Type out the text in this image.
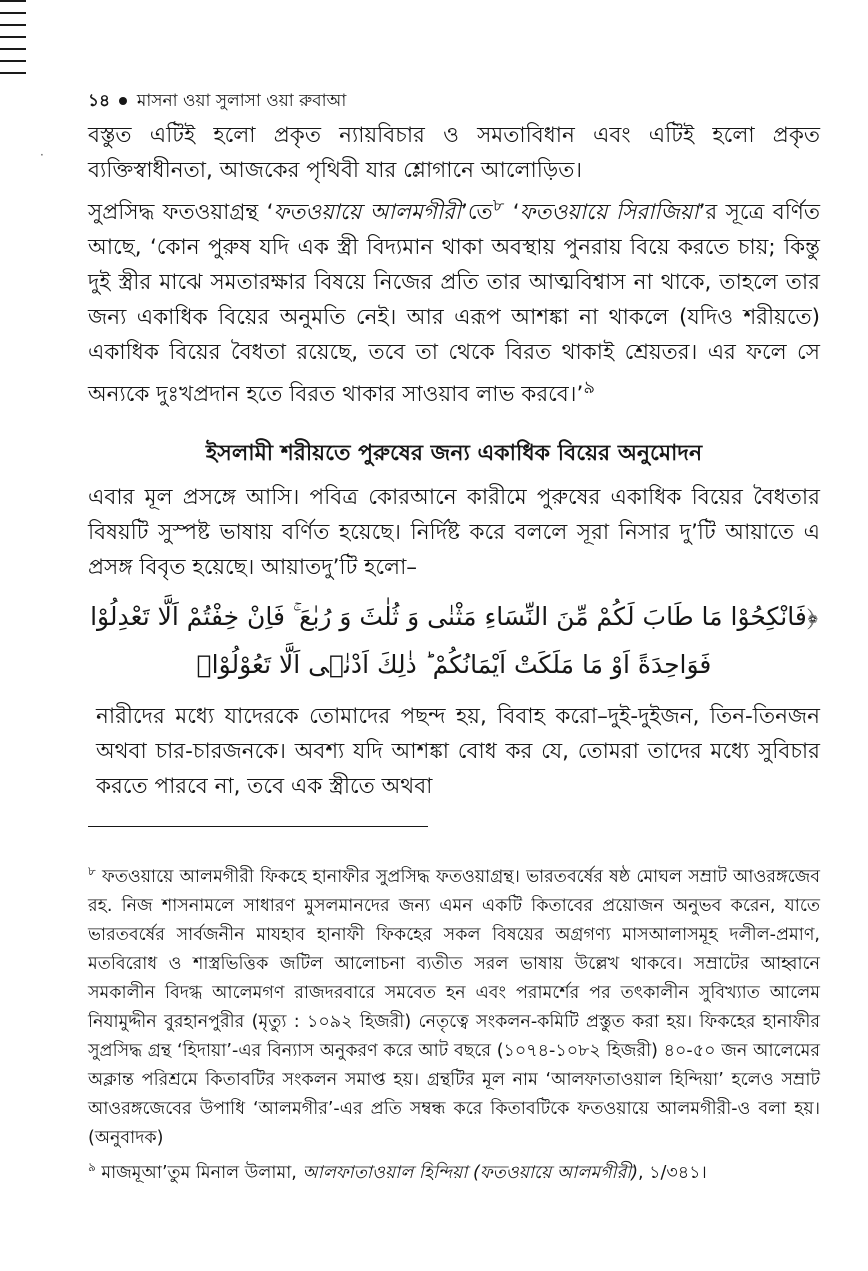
·
১৪ মাসনা ওয়া সুলাসা ওয়া রুবাআ

বস্তুত এটিই হলো প্রকৃত ন্যায়বিচার ও সমতাবিধান এবং এটিই হলো প্রকৃত ব্যক্তিস্বাধীনতা, আজকের পৃথিবী যার শ্লোগানে আলোড়িত।

সুপ্রসিদ্ধ ফতওয়াগ্রন্থ ‘ফতওয়ায়ে আলমগীরী’তে$^৮$ ‘ফতওয়ায়ে সিরাজিয়া’র সূত্রে বর্ণিত আছে, ‘কোন পুরুষ যদি এক স্ত্রী বিদ্যমান থাকা অবস্থায় পুনরায় বিয়ে করতে চায়; কিন্তু দুই স্ত্রীর মাঝে সমতারক্ষার বিষয়ে নিজের প্রতি তার আত্মবিশ্বাস না থাকে, তাহলে তার জন্য একাধিক বিয়ের অনুমতি নেই। আর এরূপ আশঙ্কা না থাকলে (যদিও শরীয়তে) একাধিক বিয়ের বৈধতা রয়েছে, তবে তা থেকে বিরত থাকাই শ্রেয়তর। এর ফলে সে অন্যকে দুঃখপ্রদান হতে বিরত থাকার সাওয়াব লাভ করবে।’$^৯$

ইসলামী শরীয়তে পুরুষের জন্য একাধিক বিয়ের অনুমোদন

এবার মূল প্রসঙ্গে আসি। পবিত্র কোরআনে কারীমে পুরুষের একাধিক বিয়ের বৈধতার বিষয়টি সুস্পষ্ট ভাষায় বর্ণিত হয়েছে। নির্দিষ্ট করে বললে সূরা নিসার দু’টি আয়াতে এ প্রসঙ্গ বিবৃত হয়েছে। আয়াতদু’টি হলো–

﴿فَانْكِحُوْا مَا طَابَ لَكُمْ مِّنَ النِّسَاءِ مَثْنٰى وَ ثُلٰثَ وَ رُبٰعَ ۚ فَاِنْ خِفْتُمْ اَلَّا تَعْدِلُوْا
فَوَاحِدَةً اَوْ مَا مَلَكَتْ اَيْمَانُكُمْ ؕ ذٰلِكَ اَدْنٰۤى اَلَّا تَعُوْلُوْا﴾

নারীদের মধ্যে যাদেরকে তোমাদের পছন্দ হয়, বিবাহ করো–দুই-দুইজন, তিন-তিনজন অথবা চার-চারজনকে। অবশ্য যদি আশঙ্কা বোধ কর যে, তোমরা তাদের মধ্যে সুবিচার করতে পারবে না, তবে এক স্ত্রীতে অথবা

$^৮$ ফতওয়ায়ে আলমগীরী ফিকহে হানাফীর সুপ্রসিদ্ধ ফতওয়াগ্রন্থ। ভারতবর্ষের ষষ্ঠ মোঘল সম্রাট আওরঙ্গজেব রহ. নিজ শাসনামলে সাধারণ মুসলমানদের জন্য এমন একটি কিতাবের প্রয়োজন অনুভব করেন, যাতে ভারতবর্ষের সার্বজনীন মাযহাব হানাফী ফিকহের সকল বিষয়ের অগ্রগণ্য মাসআলাসমূহ দলীল-প্রমাণ, মতবিরোধ ও শাস্ত্রভিত্তিক জটিল আলোচনা ব্যতীত সরল ভাষায় উল্লেখ থাকবে। সম্রাটের আহ্বানে সমকালীন বিদগ্ধ আলেমগণ রাজদরবারে সমবেত হন এবং পরামর্শের পর তৎকালীন সুবিখ্যাত আলেম নিযামুদ্দীন বুরহানপুরীর (মৃত্যু : ১০৯২ হিজরী) নেতৃত্বে সংকলন-কমিটি প্রস্তুত করা হয়। ফিকহের হানাফীর সুপ্রসিদ্ধ গ্রন্থ ‘হিদায়া’-এর বিন্যাস অনুকরণ করে আট বছরে (১০৭৪-১০৮২ হিজরী) ৪০-৫০ জন আলেমের অক্লান্ত পরিশ্রমে কিতাবটির সংকলন সমাপ্ত হয়। গ্রন্থটির মূল নাম ‘আলফাতাওয়াল হিন্দিয়া’ হলেও সম্রাট আওরঙ্গজেবের উপাধি ‘আলমগীর’-এর প্রতি সম্বন্ধ করে কিতাবটিকে ফতওয়ায়ে আলমগীরী-ও বলা হয়। (অনুবাদক)

$^৯$ মাজমূআ’তুম মিনাল উলামা, আলফাতাওয়াল হিন্দিয়া (ফতওয়ায়ে আলমগীরী), ১/৩৪১।
